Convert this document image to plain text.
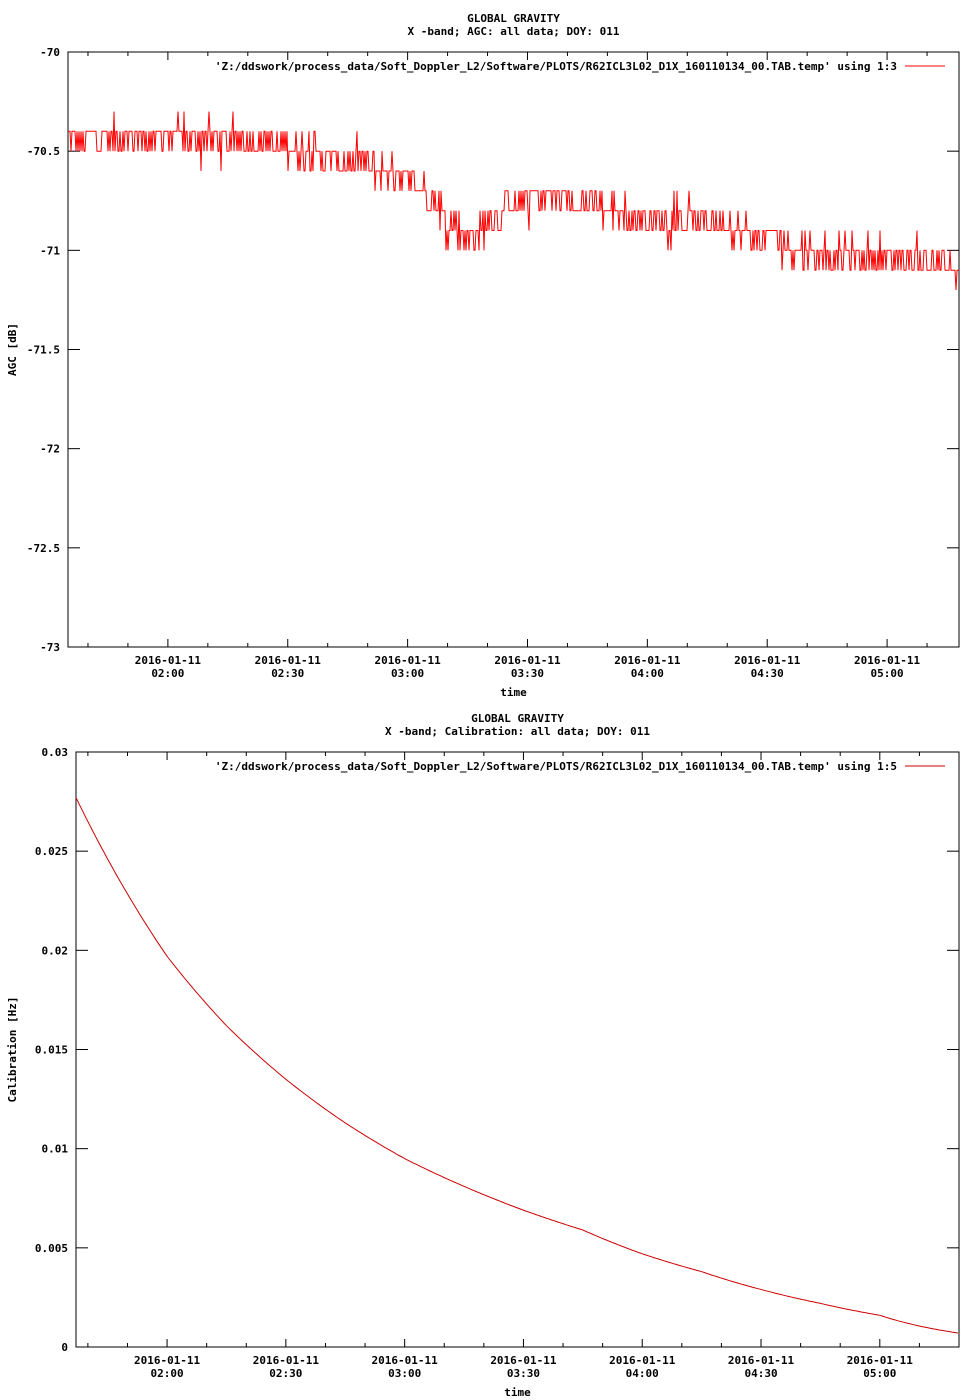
GLOBAL GRAVITY
X -band; AGC: all data; DOY: 011
-70
-70.5
-71
-71.5
-72
-72.5
-73
2016-01-11
02:00
2016-01-11
02:30
2016-01-11
03:00
2016-01-11
03:30
2016-01-11
04:00
2016-01-11
04:30
2016-01-11
05:00
time
AGC [dB]
'Z:/ddswork/process_data/Soft_Doppler_L2/Software/PLOTS/R62ICL3L02_D1X_160110134_00.TAB.temp' using 1:3
GLOBAL GRAVITY
X -band; Calibration: all data; DOY: 011
0.03
0.025
0.02
0.015
0.01
0.005
0
2016-01-11
02:00
2016-01-11
02:30
2016-01-11
03:00
2016-01-11
03:30
2016-01-11
04:00
2016-01-11
04:30
2016-01-11
05:00
time
Calibration [Hz]
'Z:/ddswork/process_data/Soft_Doppler_L2/Software/PLOTS/R62ICL3L02_D1X_160110134_00.TAB.temp' using 1:5
